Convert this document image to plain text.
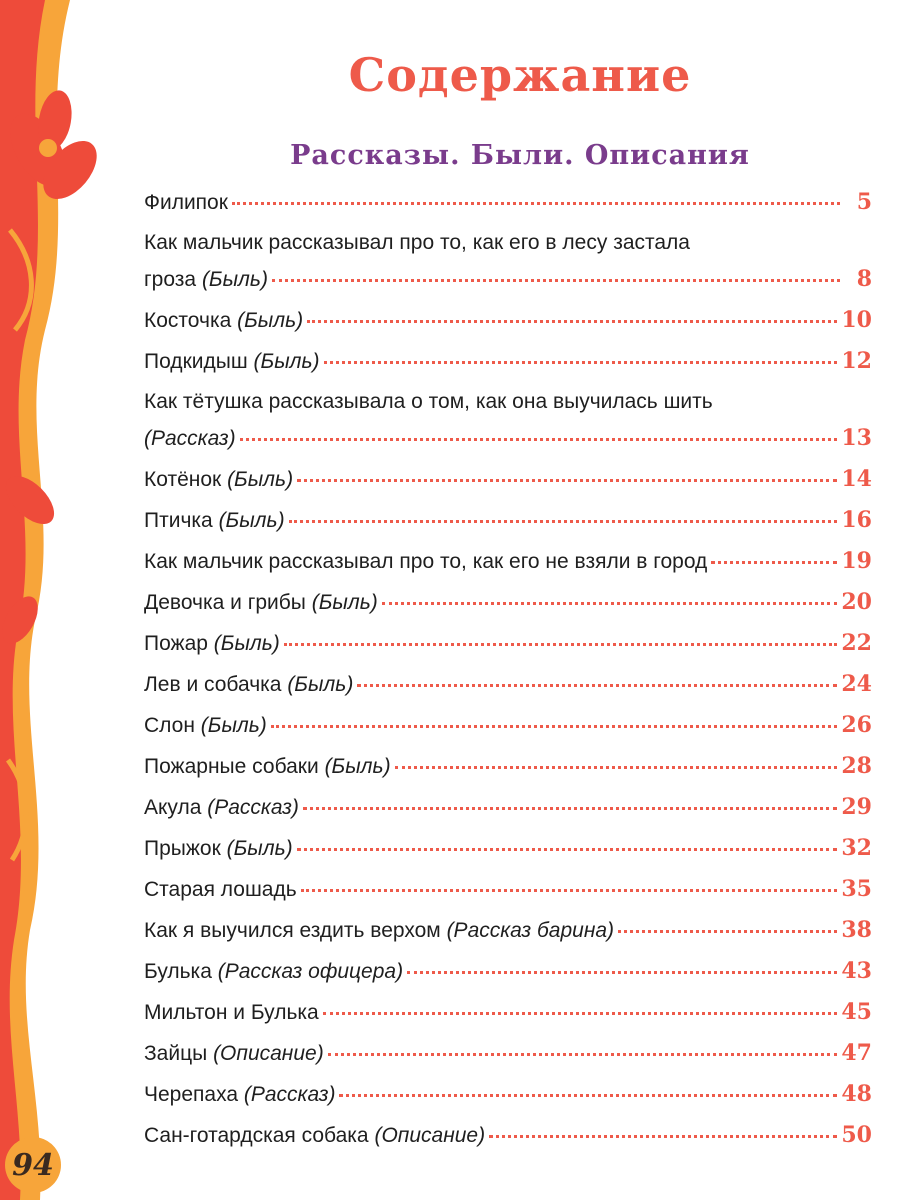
94
Содержание
Рассказы. Были. Описания
Филипок	5
Как мальчик рассказывал про то, как его в лесу застала
гроза (Быль)	8
Косточка (Быль)	10
Подкидыш (Быль)	12
Как тётушка рассказывала о том, как она выучилась шить
(Рассказ)	13
Котёнок (Быль)	14
Птичка (Быль)	16
Как мальчик рассказывал про то, как его не взяли в город	19
Девочка и грибы (Быль)	20
Пожар (Быль)	22
Лев и собачка (Быль)	24
Слон (Быль)	26
Пожарные собаки (Быль)	28
Акула (Рассказ)	29
Прыжок (Быль)	32
Старая лошадь	35
Как я выучился ездить верхом (Рассказ барина)	38
Булька (Рассказ офицера)	43
Мильтон и Булька	45
Зайцы (Описание)	47
Черепаха (Рассказ)	48
Сан-готардская собака (Описание)	50
